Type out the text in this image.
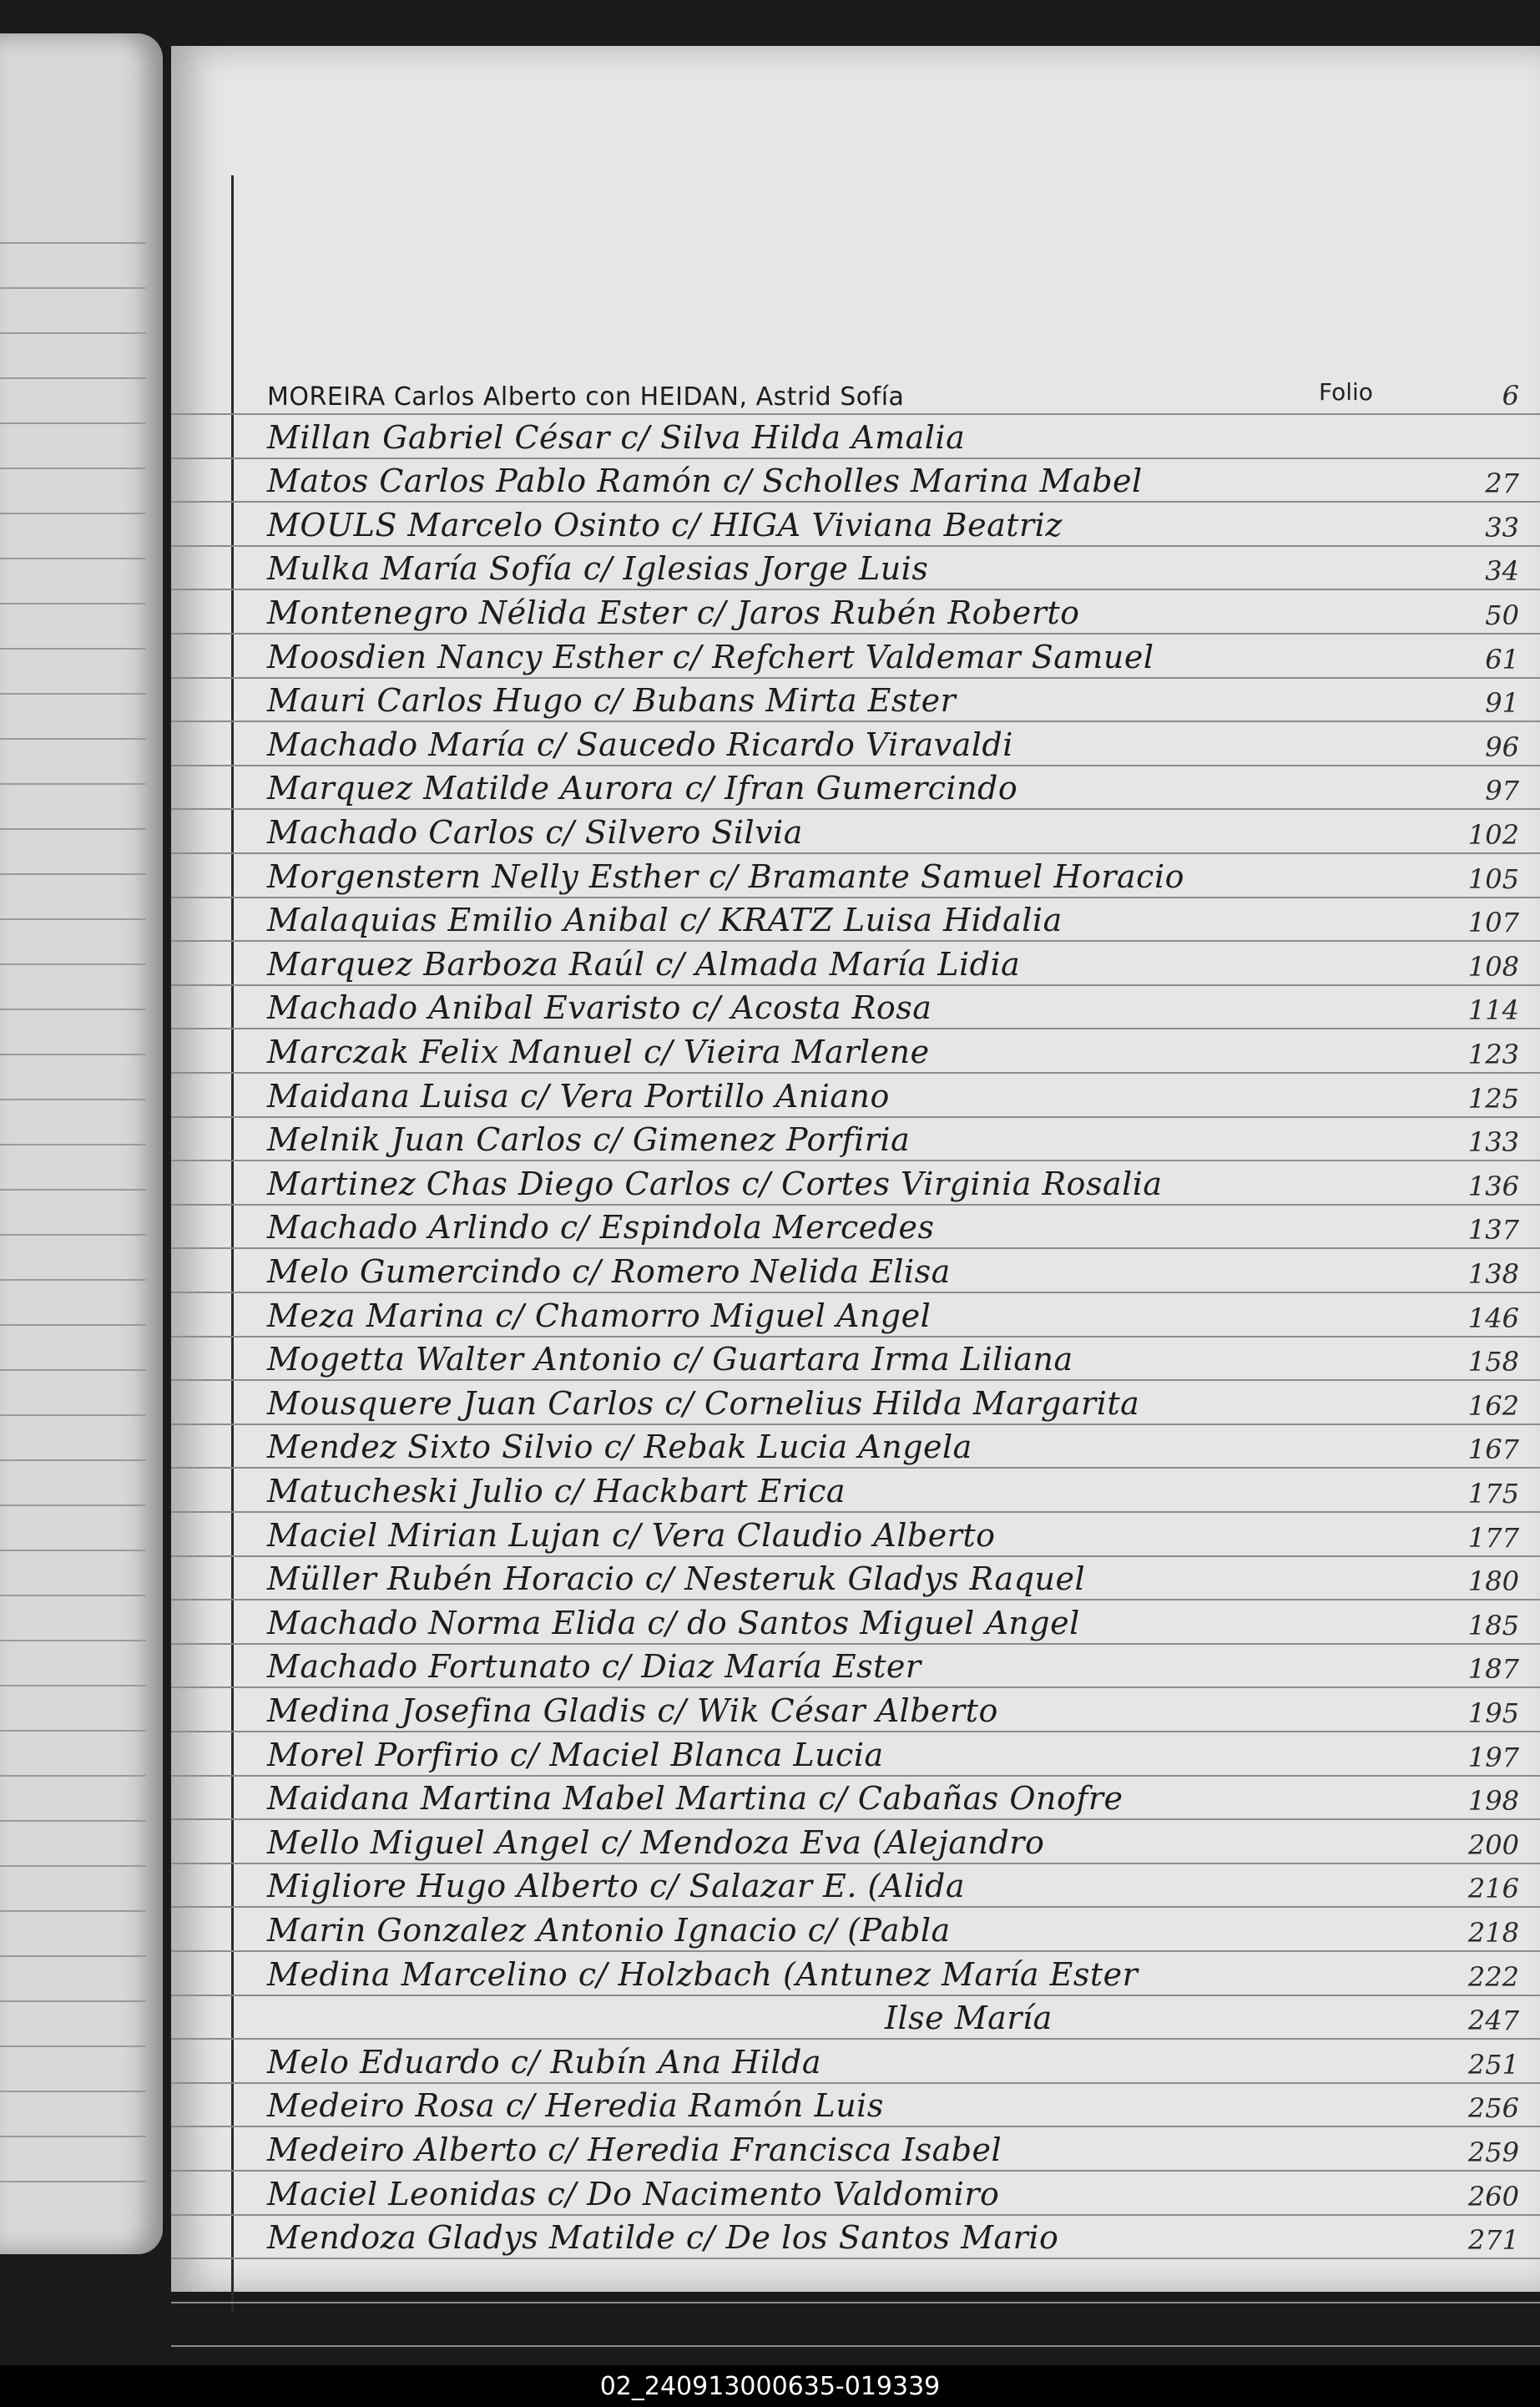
Folio
MOREIRA Carlos Alberto con HEIDAN, Astrid Sofía	6
Millan Gabriel César c/ Silva Hilda Amalia
Matos Carlos Pablo Ramón c/ Scholles Marina Mabel	27
MOULS Marcelo Osinto c/ HIGA Viviana Beatriz	33
Mulka María Sofía c/ Iglesias Jorge Luis	34
Montenegro Nélida Ester c/ Jaros Rubén Roberto	50
Moosdien Nancy Esther c/ Refchert Valdemar Samuel	61
Mauri Carlos Hugo c/ Bubans Mirta Ester	91
Machado María c/ Saucedo Ricardo Viravaldi	96
Marquez Matilde Aurora c/ Ifran Gumercindo	97
Machado Carlos c/ Silvero Silvia	102
Morgenstern Nelly Esther c/ Bramante Samuel Horacio	105
Malaquias Emilio Anibal c/ KRATZ Luisa Hidalia	107
Marquez Barboza Raúl c/ Almada María Lidia	108
Machado Anibal Evaristo c/ Acosta Rosa	114
Marczak Felix Manuel c/ Vieira Marlene	123
Maidana Luisa c/ Vera Portillo Aniano	125
Melnik Juan Carlos c/ Gimenez Porfiria	133
Martinez Chas Diego Carlos c/ Cortes Virginia Rosalia	136
Machado Arlindo c/ Espindola Mercedes	137
Melo Gumercindo c/ Romero Nelida Elisa	138
Meza Marina c/ Chamorro Miguel Angel	146
Mogetta Walter Antonio c/ Guartara Irma Liliana	158
Mousquere Juan Carlos c/ Cornelius Hilda Margarita	162
Mendez Sixto Silvio c/ Rebak Lucia Angela	167
Matucheski Julio c/ Hackbart Erica	175
Maciel Mirian Lujan c/ Vera Claudio Alberto	177
Müller Rubén Horacio c/ Nesteruk Gladys Raquel	180
Machado Norma Elida c/ do Santos Miguel Angel	185
Machado Fortunato c/ Diaz María Ester	187
Medina Josefina Gladis c/ Wik César Alberto	195
Morel Porfirio c/ Maciel Blanca Lucia	197
Maidana Martina Mabel Martina c/ Cabañas Onofre	198
Mello Miguel Angel c/ Mendoza Eva (Alejandro	200
Migliore Hugo Alberto c/ Salazar E. (Alida	216
Marin Gonzalez Antonio Ignacio c/ (Pabla	218
Medina Marcelino c/ Holzbach (Antunez María Ester	222
Ilse María	247
Melo Eduardo c/ Rubín Ana Hilda	251
Medeiro Rosa c/ Heredia Ramón Luis	256
Medeiro Alberto c/ Heredia Francisca Isabel	259
Maciel Leonidas c/ Do Nacimento Valdomiro	260
Mendoza Gladys Matilde c/ De los Santos Mario	271
02_240913000635-019339
